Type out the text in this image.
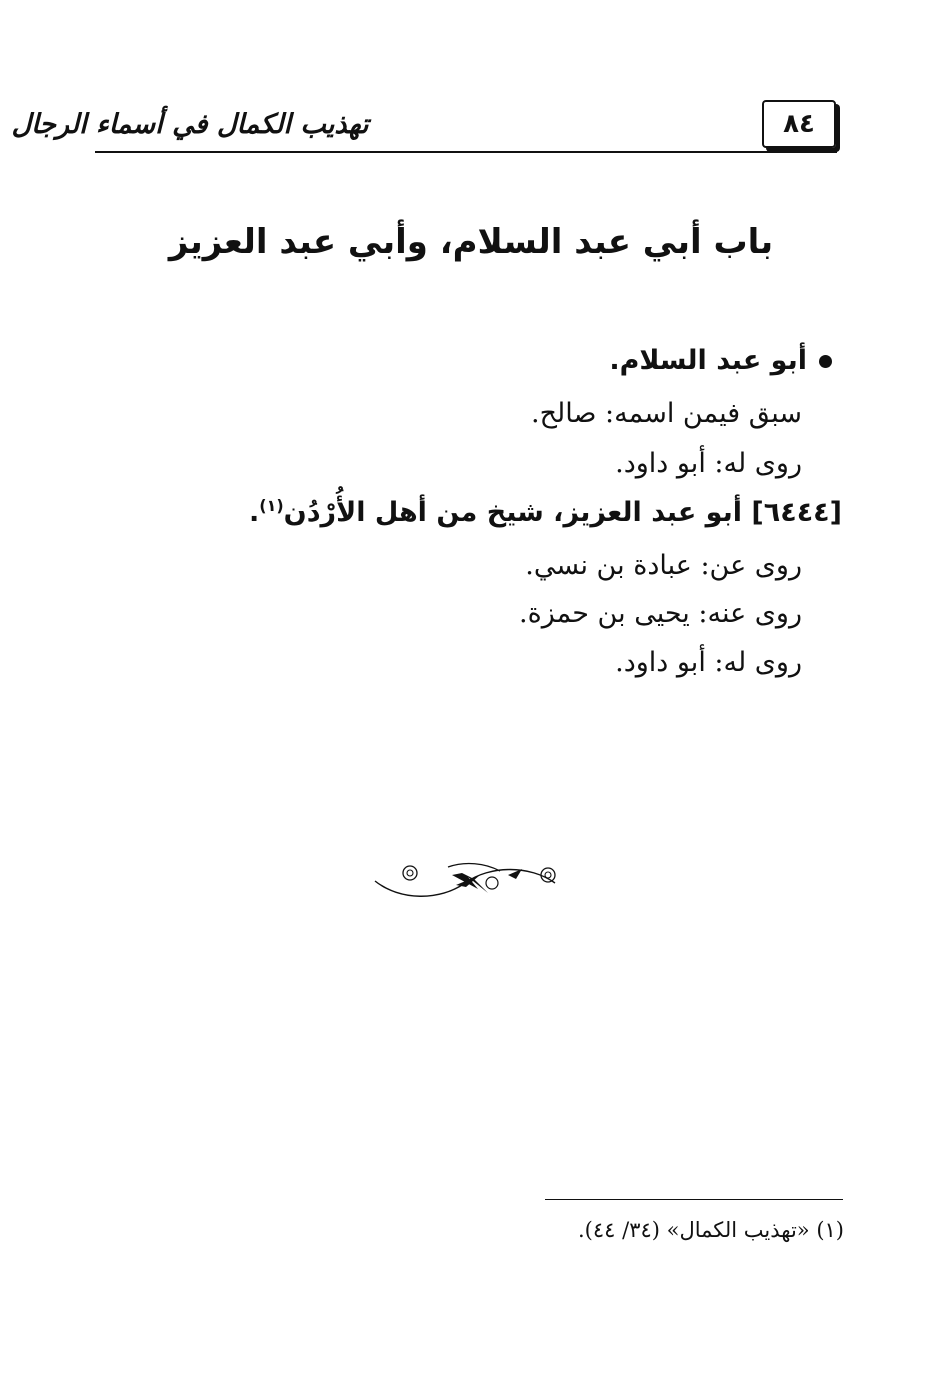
٨٤
تهذيب الكمال في أسماء الرجال
باب أبي عبد السلام، وأبي عبد العزيز
أبو عبد السلام.
سبق فيمن اسمه: صالح.
روى له: أبو داود.
[٦٤٤٤] أبو عبد العزيز، شيخ من أهل الأُرْدُن$^{(١)}$.
روى عن: عبادة بن نسي.
روى عنه: يحيى بن حمزة.
روى له: أبو داود.
(١) «تهذيب الكمال» (٣٤/ ٤٤).
